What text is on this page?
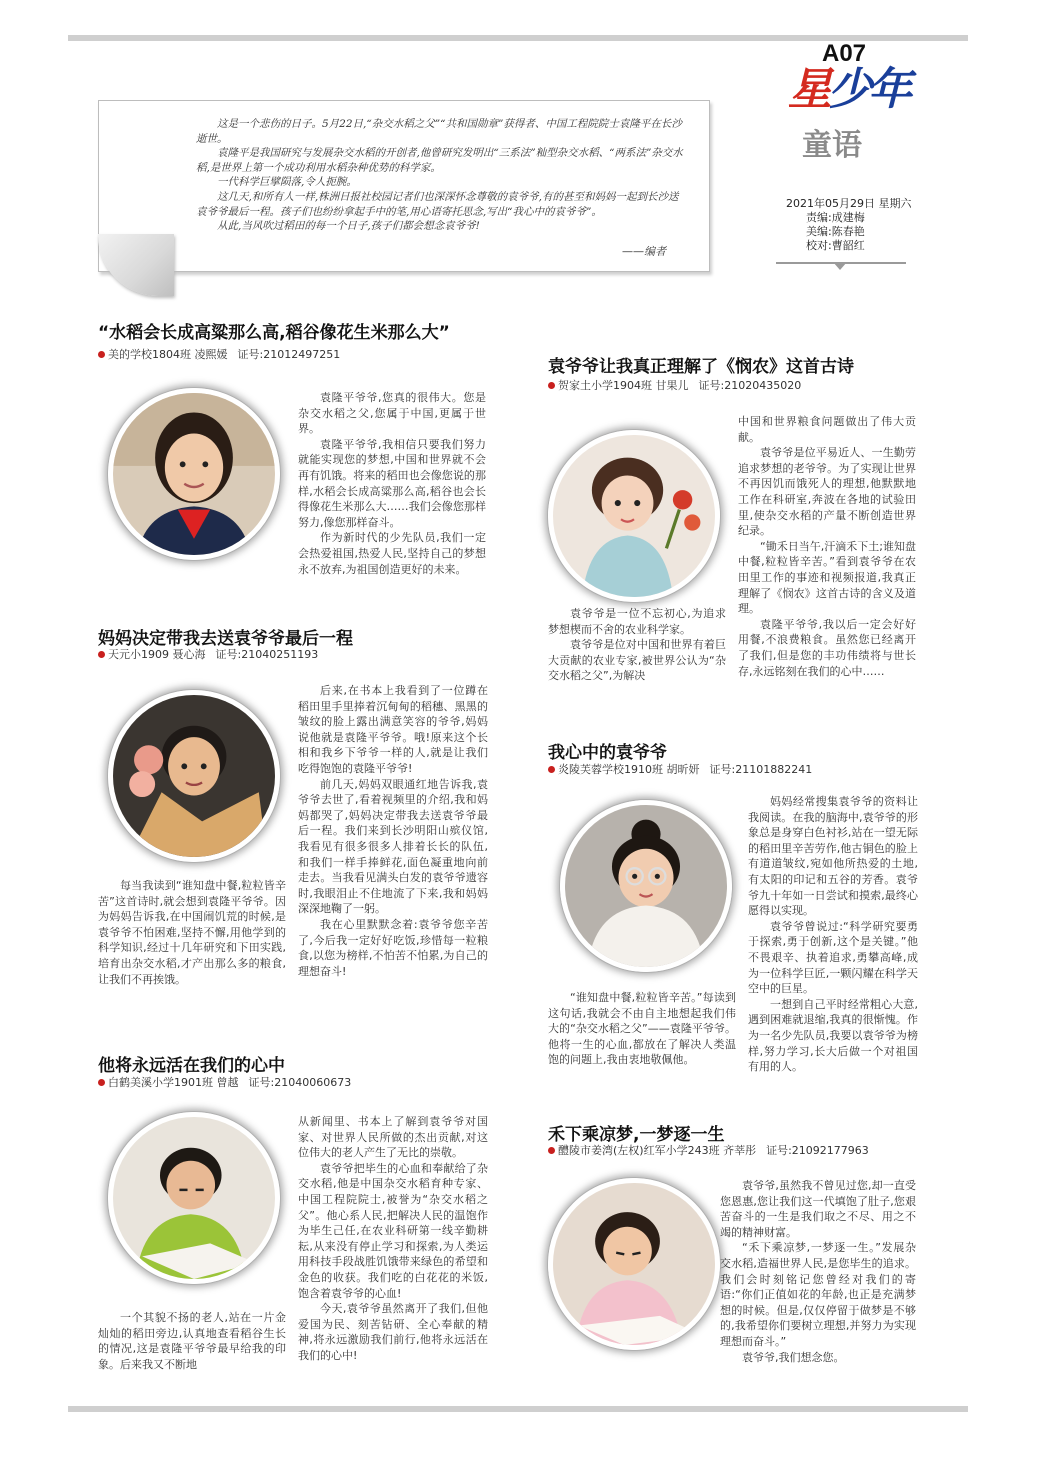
A07
星少年
童语
2021年05月29日 星期六
责编:成建梅
美编:陈春艳
校对:曹韶红

这是一个悲伤的日子。5月22日,“杂交水稻之父”“共和国勋章”获得者、中国工程院院士袁隆平在长沙逝世。

袁隆平是我国研究与发展杂交水稻的开创者,他曾研究发明出“三系法”籼型杂交水稻、“两系法”杂交水稻,是世界上第一个成功利用水稻杂种优势的科学家。

一代科学巨擘陨落,令人扼腕。

这几天,和所有人一样,株洲日报社校园记者们也深深怀念尊敬的袁爷爷,有的甚至和妈妈一起到长沙送袁爷爷最后一程。孩子们也纷纷拿起手中的笔,用心语寄托思念,写出“我心中的袁爷爷”。

从此,当风吹过稻田的每一个日子,孩子们都会想念袁爷爷!

——编者
“水稻会长成高粱那么高,稻谷像花生米那么大”
美的学校1804班 凌熙媛 证号:21012497251

袁隆平爷爷,您真的很伟大。您是杂交水稻之父,您属于中国,更属于世界。

袁隆平爷爷,我相信只要我们努力就能实现您的梦想,中国和世界就不会再有饥饿。将来的稻田也会像您说的那样,水稻会长成高粱那么高,稻谷也会长得像花生米那么大……我们会像您那样努力,像您那样奋斗。

作为新时代的少先队员,我们一定会热爱祖国,热爱人民,坚持自己的梦想永不放弃,为祖国创造更好的未来。

妈妈决定带我去送袁爷爷最后一程
天元小1909 聂心海 证号:21040251193

后来,在书本上我看到了一位蹲在稻田里手里捧着沉甸甸的稻穗、黑黑的皱纹的脸上露出满意笑容的爷爷,妈妈说他就是袁隆平爷爷。哦!原来这个长相和我乡下爷爷一样的人,就是让我们吃得饱饱的袁隆平爷爷!

前几天,妈妈双眼通红地告诉我,袁爷爷去世了,看着视频里的介绍,我和妈妈都哭了,妈妈决定带我去送袁爷爷最后一程。我们来到长沙明阳山殡仪馆,我看见有很多很多人排着长长的队伍,和我们一样手捧鲜花,面色凝重地向前走去。当我看见满头白发的袁爷爷遗容时,我眼泪止不住地流了下来,我和妈妈深深地鞠了一躬。

我在心里默默念着:袁爷爷您辛苦了,今后我一定好好吃饭,珍惜每一粒粮食,以您为榜样,不怕苦不怕累,为自己的理想奋斗!

每当我读到“谁知盘中餐,粒粒皆辛苦”这首诗时,就会想到袁隆平爷爷。因为妈妈告诉我,在中国闹饥荒的时候,是袁爷爷不怕困难,坚持不懈,用他学到的科学知识,经过十几年研究和下田实践,培育出杂交水稻,才产出那么多的粮食,让我们不再挨饿。

他将永远活在我们的心中
白鹤美溪小学1901班 曾越 证号:21040060673

从新闻里、书本上了解到袁爷爷对国家、对世界人民所做的杰出贡献,对这位伟大的老人产生了无比的崇敬。

袁爷爷把毕生的心血和奉献给了杂交水稻,他是中国杂交水稻育种专家、中国工程院院士,被誉为“杂交水稻之父”。他心系人民,把解决人民的温饱作为毕生己任,在农业科研第一线辛勤耕耘,从来没有停止学习和探索,为人类运用科技手段战胜饥饿带来绿色的希望和金色的收获。我们吃的白花花的米饭,饱含着袁爷爷的心血!

今天,袁爷爷虽然离开了我们,但他爱国为民、刻苦钻研、全心奉献的精神,将永远激励我们前行,他将永远活在我们的心中!

一个其貌不扬的老人,站在一片金灿灿的稻田旁边,认真地查看稻谷生长的情况,这是袁隆平爷爷最早给我的印象。后来我又不断地

袁爷爷让我真正理解了《悯农》这首古诗
贺家土小学1904班 甘果儿 证号:21020435020

中国和世界粮食问题做出了伟大贡献。

袁爷爷是位平易近人、一生勤劳追求梦想的老爷爷。为了实现让世界不再因饥而饿死人的理想,他默默地工作在科研室,奔波在各地的试验田里,使杂交水稻的产量不断创造世界纪录。

“锄禾日当午,汗滴禾下土;谁知盘中餐,粒粒皆辛苦。”看到袁爷爷在农田里工作的事迹和视频报道,我真正理解了《悯农》这首古诗的含义及道理。

袁隆平爷爷,我以后一定会好好用餐,不浪费粮食。虽然您已经离开了我们,但是您的丰功伟绩将与世长存,永远铭刻在我们的心中……

袁爷爷是一位不忘初心,为追求梦想楔而不舍的农业科学家。

袁爷爷是位对中国和世界有着巨大贡献的农业专家,被世界公认为“杂交水稻之父”,为解决

我心中的袁爷爷
炎陵芙蓉学校1910班 胡昕妍 证号:21101882241

妈妈经常搜集袁爷爷的资料让我阅读。在我的脑海中,袁爷爷的形象总是身穿白色衬衫,站在一望无际的稻田里辛苦劳作,他古铜色的脸上有道道皱纹,宛如他所热爱的土地,有太阳的印记和五谷的芳香。袁爷爷九十年如一日尝试和摸索,最终心愿得以实现。

袁爷爷曾说过:“科学研究要勇于探索,勇于创新,这个是关键。”他不畏艰辛、执着追求,勇攀高峰,成为一位科学巨匠,一颗闪耀在科学天空中的巨星。

一想到自己平时经常粗心大意,遇到困难就退缩,我真的很惭愧。作为一名少先队员,我要以袁爷爷为榜样,努力学习,长大后做一个对祖国有用的人。

“谁知盘中餐,粒粒皆辛苦。”每读到这句话,我就会不由自主地想起我们伟大的“杂交水稻之父”——袁隆平爷爷。他将一生的心血,都放在了解决人类温饱的问题上,我由衷地敬佩他。

禾下乘凉梦,一梦逐一生
醴陵市姜湾(左权)红军小学243班 齐莘彤 证号:21092177963

袁爷爷,虽然我不曾见过您,却一直受您恩惠,您让我们这一代填饱了肚子,您艰苦奋斗的一生是我们取之不尽、用之不竭的精神财富。

“禾下乘凉梦,一梦逐一生。”发展杂交水稻,造福世界人民,是您毕生的追求。我们会时刻铭记您曾经对我们的寄语:“你们正值如花的年龄,也正是充满梦想的时候。但是,仅仅停留于做梦是不够的,我希望你们要树立理想,并努力为实现理想而奋斗。”

袁爷爷,我们想念您。
